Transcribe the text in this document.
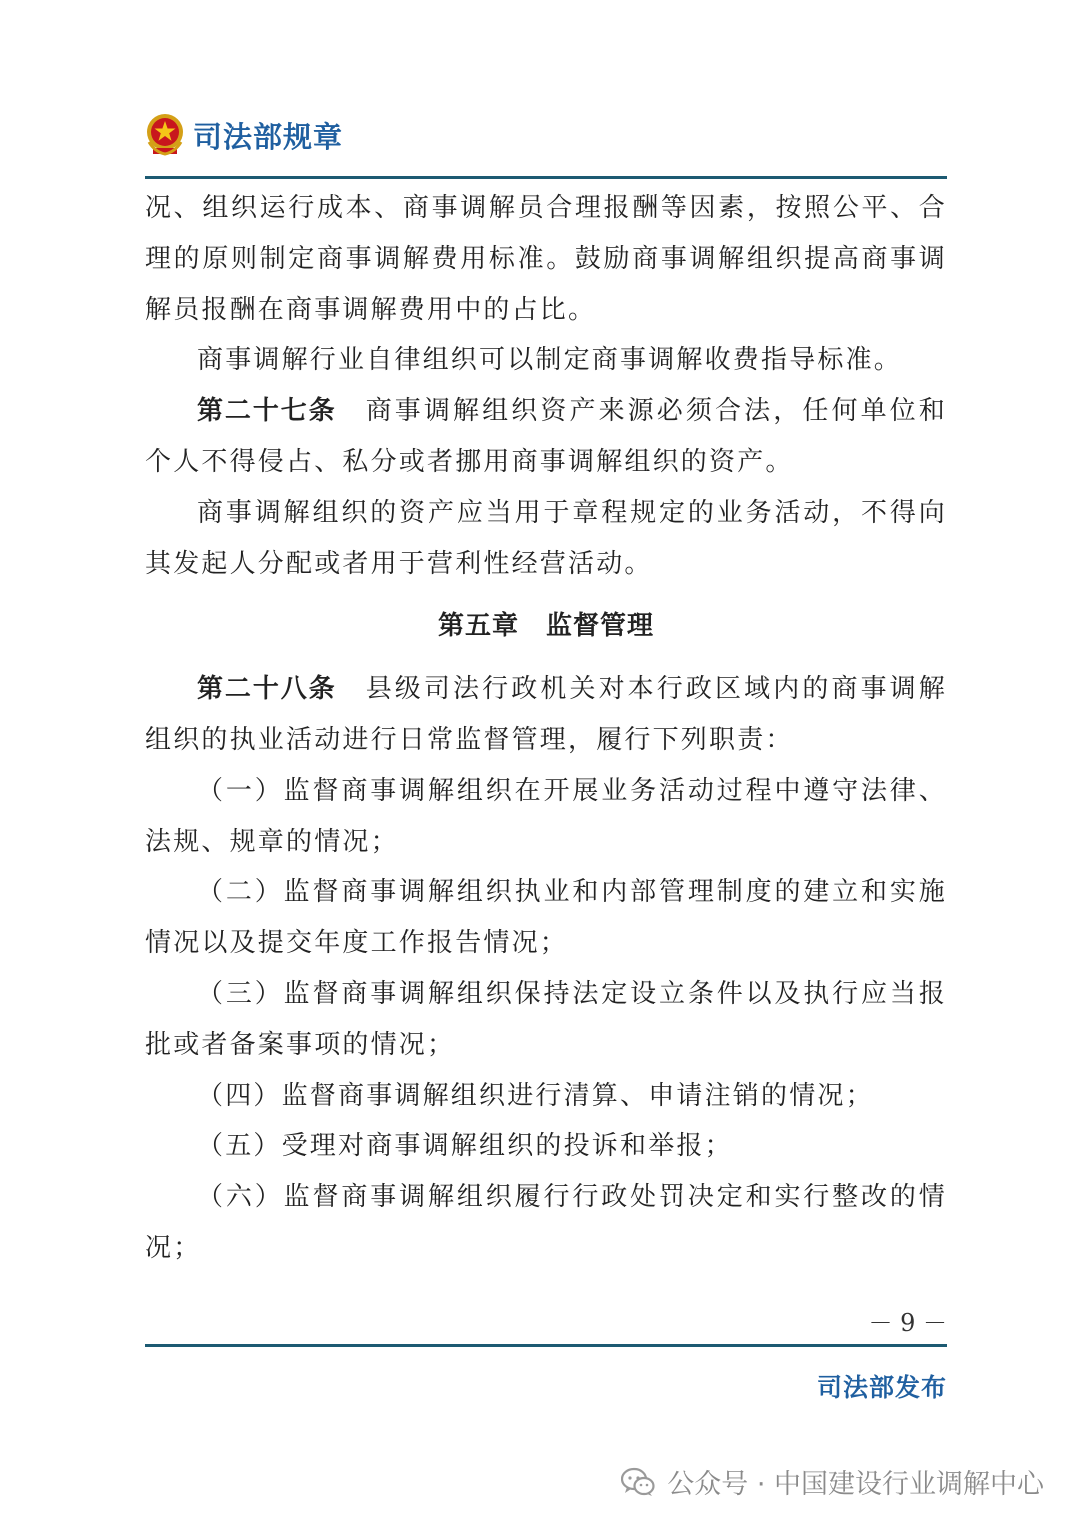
司法部规章

况、组织运行成本、商事调解员合理报酬等因素，按照公平、合理的原则制定商事调解费用标准。鼓励商事调解组织提高商事调解员报酬在商事调解费用中的占比。

商事调解行业自律组织可以制定商事调解收费指导标准。

第二十七条　 商事调解组织资产来源必须合法，任何单位和个人不得侵占、私分或者挪用商事调解组织的资产。

商事调解组织的资产应当用于章程规定的业务活动，不得向其发起人分配或者用于营利性经营活动。

第五章　监督管理

第二十八条　 县级司法行政机关对本行政区域内的商事调解组织的执业活动进行日常监督管理，履行下列职责：

（一）监督商事调解组织在开展业务活动过程中遵守法律、法规、规章的情况；

（二）监督商事调解组织执业和内部管理制度的建立和实施情况以及提交年度工作报告情况；

（三）监督商事调解组织保持法定设立条件以及执行应当报批或者备案事项的情况；

（四）监督商事调解组织进行清算、申请注销的情况；

（五）受理对商事调解组织的投诉和举报；

（六）监督商事调解组织履行行政处罚决定和实行整改的情况；

－ 9 －
司法部发布
公众号 · 中国建设行业调解中心
